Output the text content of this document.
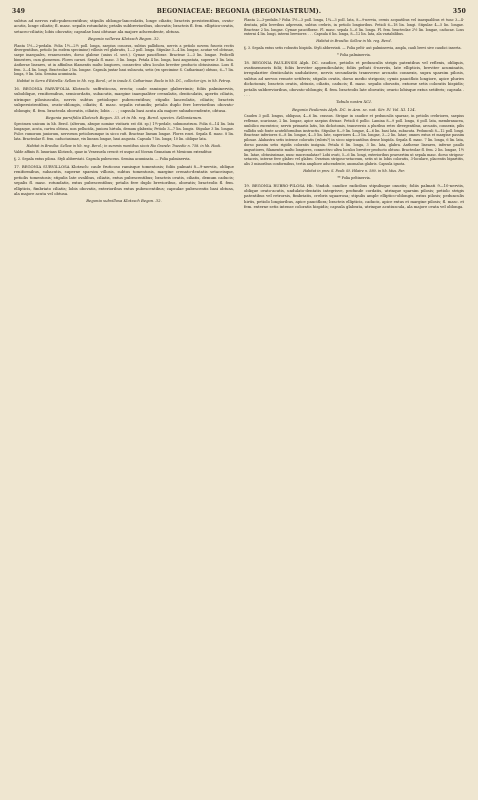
349	BEGONIACEAE: BEGONIA (BEGONIASTRUM).	350

subtus ad nervos rufo-pubescentibus; stipulis oblongo-lanceolatis, longe ciliatis; bracteis persistentibus, ovato-acutis, longe ciliatis; fl. masc. sepalis rotundatis; petalis subbrevioribus, obovatis; bracteis fl. fem. elliptico-ovatis, setaceo-ciliatis; lobis obovatis; capsulae basi obtusae ala majore adscendente, obtusa.

Begonia vellerea Klotzsch Begon. 32.

Planta 1½—2-pedalis. Folia 1½—2½ poll. longa, saepius concava, subtus pallidiora, nervis a petiolo novem fusceis rectis divergentibus, petiolo (in eodem specimine) villosis vel glabratis, 1—2 poll. longa. Stipulae 3—4 lin. longae, acutae vel obtusae, saepe inaequales, evanescentes, dorso glabrae (unius cl. sect.). Cymae pauciflorae. Bracteae 2—3 lin. longae. Pedicelli bimestres, cum glomerum. Flores carnei. Sepala fl. masc. 3 lin. longa. Petala 4 lin. longa, basi angustata, superne 3 lin. lata. Antherae lineares, ut in affinibus filamentis multo longiores, connectivo ultra loculos breviter producto obtusissimo. Loss fl. fem. 3—4 lin. longi. Bracteolae 2 lin. longae. Capsula juxtar basi subacuta, setis (ex speciminе S. Catharinae) obtuso, 6—7 lin. longa, 9 lin. lata. Semina acuminata.

Habitat in Serra d'Estrella: Sellow in hb. reg. Berol.; et in insula S. Catharinae: Baclo in hb. DC., collector ign. in hb. Petrop.

16. BEGONIA PARVIFOLIA Klotzsch: suffruticosa, erecta; caule ramisque glaberrimis; foliis palminerviis, suboblique, reniformibus, semicordatis, subacutis, margine inaequaliter crenulatis, denticulatis, apertis ciliatis, utrinque pilosiusculis, nervis subtus petioloque pubescentibus; stipulis lanceolatis, ciliatis; bracteis subpersistentibus, ovato-oblongis, ciliatis; fl. masc. sepalis rotundis; petalis duplo fere brevioribus obovato-oblongis; fl. fem. bracteola obovatis, ciliatis; lobis . . . ; capsula basi acuta ala majore subadscendente, obtusa.

Begonia parvifolia Klotzsch Begon. 33. et in hb. reg. Berol. specim. Sellowianum.

Specimen unicum in hb. Berol. (alterum, absque nomine visitaris est dit. sp.) 1½-pedale, submonstrum. Folia 6—14 lin. lata longaque, acuta, cartea obtusa, non pellucida, juniora hirtula, demum glabrata; Petiolo 3—7 lin. longis. Stipulae 3 lin. longae. Fulcr. rumorum juniorum, nervorum petiolorumque in sicco rufi. Bracteae lineam longae. Flores rosei. Sepala fl. masc. 8 lin. lata. Bracteolae fl. fem. caduciusimae, vix lineam longae, basi angusta. Capsula 7 lin. longa; 10 lin. oblique lata.

Habitat in Brasilia: Sellow in hb. reg. Berol.; in summis montibus siccis Rio Grande: Tweedie n. 758. in hb. Hook.

Valde affinis B. luxurians Klotzsch, quae in Venezuela crescit et usque ad Novam Granatam et Mexicum extenditur.

§. 2. Sepala extus pilosa. Styli abbreviati. Capsula pubescens. Semina acuminata. — Folia palminervia.

17. BEGONIA SUBVILLOSA Klotzsch: caule fruticoso ramisque tomentosis; foliis palmati 8—9-nerviis, oblique reniformibus, subacutis, superne sparsim villosis, subtus tomentosis, margine crenato-dentatis setaceisque, petiolis tomentosis; stipulis late ovalibus, ciliatis, extus pubescentibus; bracteis ovatis, ciliatis, demum caducis; sepalis fl. masc. rotundatis, extus pubescentibus; petalis fere duplo brevioribus, obovatis; bracteolis fl. fem. ellipticis, fimbriato ciliatis; lobis obovatis, exterioribus extus pubescentibus; capsulae pubescentis basi obtusa, ala majore acuta vel obtusa.

Begonia subvillosa Klotzsch Begon. 32.

Planta 2—3-pedalis.? Folia 1½—3 poll. longa, 1¼—3 poll. lata, 8—9-nervia, cernis acquatibus vel inaequalibus et tunc 3—4-dentata, pilis brevibus adpressis, subtus crebris, in petiolo longioribus. Petioli 6—18 lin. longi. Stipulae 4—5 lin. longae. Bracteae 2 lin. longae. Cymae pauciflorae. Fl. masc. sepala 5—6 lin. longa. Fl. fem. bracteolae 2½ lin. longae, caducae. Loss externi 4 lin. longi, interni breviores . . . Capsula 6 lin. longa, 8—12 lin. lata, ala variabilibus.

Habitat in Brasilia: Sellow in hb. reg. Berol.

§. 3. Sepala extus setis robustis hispida. Styli abbreviati. — Folia pelti- aut palminervia, ampla, cauli brevi sive caudici inserta.

* Folia palminervia.

18. BEGONIA PAULENSIS Alph. DC. caudice, petiolis et pedunculis strigis patentibus vel reflexis, obliquis, ovatinemeoris folii; foliis breviter appendiculatis; foliis peltati 6-nerviis, late ellipticis, breviter acuminatis, irregulariter denticulatis undulatisve, nervis secundariis transverse arcuatis connexis, supra sparsim pilosis, subtus ad nervos remote setiferis; stipulis ovatis, dorso medio strigosis; cymis pauciflois longiore, apice pluries dichotomis; bracteis ovatis, obtusis, ciliatis, caducis; fl. masc. sepalis obovatis, extorne setis coloratis hispidis; petalis subbrevioribus, obovato-oblongis; fl. fem. bracteolis late obovatis; ovario lobisque extus setiferis; capsula . . . .

Tabula nostra XCI.

Begonia Paulensis Alph. DC. in Ann. sc. nat. Sér. IV. Vol. XI. 124.

Caudex 3 poll. longus, obliquus, 4—6 lin. crassus. Strigae in caudice et pedunculis sparsae, in petiolis crebriores, saepius reflexae, scariosae, 2 lin. longae, apice saepius divisae. Petioli 6 pollic. Lamina 8—9 poll. longa, 6 poll. lata, membranacea, umbilico excentrico; nervis primariis latis, bis dichotomis, transversis a pluribus retro divergentibus, arcuatis, connexis, pilis vallidis sub fonte acuteliformibus instructis. Stipulae 8—9 lin. longae, 4—6 lin. basi lata, subacuta. Pedunculi 8—12 poll. longi. Bracteae inferiores 6—8 lin. longae, 4—5 lin. late, superiores 4—3 lin. longae, 3—2 lin. latae; omnes extus et margine passim pilosae. Alabastra setis intense coloratis (rubris?) in sicco nigricantibus dense hispida. Sepala fl. masc. 7 lin. longa, 6 lin. lata, dorso passim setis rigidis coloratis insignia. Petala 6 lin. longa, 3 lin. lata, glabra. Antherae lineares, inferne paullo angustiores, filamentis multo longiores, connectivo ultra loculos breviter producto obtuso. Bracteolae fl. fem. 2 lin. longae, 1½ lin. latae, obtusissimae, nunc mucronulatae? Lobi ovati, 5—6 lin. longi, exterioribus praesertim ut sepala masc. dorso strigoso-setaceis, interne fere glabro vel glabro. Ovarium strigoso-setaceum, setis ut in lobis coloratis, 3-loculare, placentis bipartitis, alis 3 minoribus conformibus, tertia ampliore adscendente, anomalus glabris. Capsula ignota.

Habitat in prov. S. Pauli: St. Hilaire n. 580. in hb. Mus. Par.

** Folia peltinervia.

19. BEGONIA RUBRO-PILOSA Hb. Vindob. caudice radicibus stipulisque onustis; foliis palmati 9—10-nerviis, oblique ovato-acutis, undulato-dentatis integrisve, profunde cordatis, utrinque sparsim pilosis; petiolo strigis patentibus vel retrorsis, fimbriatis, crebris squarrosa; stipulis ample elliptico-oblongis, extus pilosis; pedunculis hirtis, petiolo longioribus, apice pauciflora; bracteis ellipticis, caducis, apice extus et margine pilosis; fl. masc. et fem. externe setis intense coloratis hispidis; capsula glabrata, utrinque acutiuscula, ala majore ovata vel oblonga.
